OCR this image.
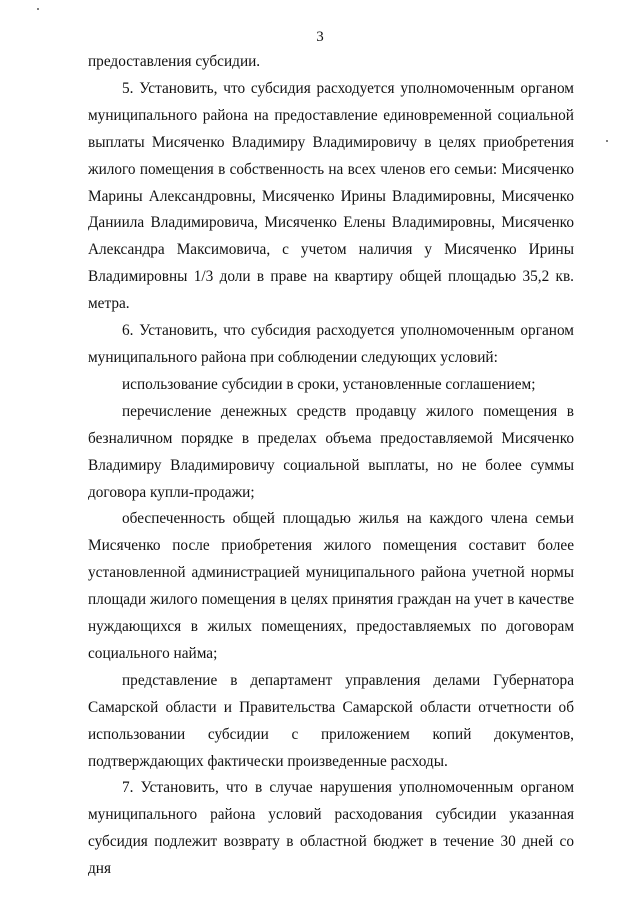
3

предоставления субсидии.

5. Установить, что субсидия расходуется уполномоченным органом муниципального района на предоставление единовременной социальной выплаты Мисяченко Владимиру Владимировичу в целях приобретения жилого помещения в собственность на всех членов его семьи: Мисяченко Марины Александровны, Мисяченко Ирины Владимировны, Мисяченко Даниила Владимировича, Мисяченко Елены Владимировны, Мисяченко Александра Максимовича, с учетом наличия у Мисяченко Ирины Владимировны 1/3 доли в праве на квартиру общей площадью 35,2 кв. метра.

6. Установить, что субсидия расходуется уполномоченным органом муниципального района при соблюдении следующих условий:

использование субсидии в сроки, установленные соглашением;

перечисление денежных средств продавцу жилого помещения в безналичном порядке в пределах объема предоставляемой Мисяченко Владимиру Владимировичу социальной выплаты, но не более суммы договора купли-продажи;

обеспеченность общей площадью жилья на каждого члена семьи Мисяченко после приобретения жилого помещения составит более установленной администрацией муниципального района учетной нормы площади жилого помещения в целях принятия граждан на учет в качестве нуждающихся в жилых помещениях, предоставляемых по договорам социального найма;

представление в департамент управления делами Губернатора Самарской области и Правительства Самарской области отчетности об использовании субсидии с приложением копий документов, подтверждающих фактически произведенные расходы.

7. Установить, что в случае нарушения уполномоченным органом муниципального района условий расходования субсидии указанная субсидия подлежит возврату в областной бюджет в течение 30 дней со дня
